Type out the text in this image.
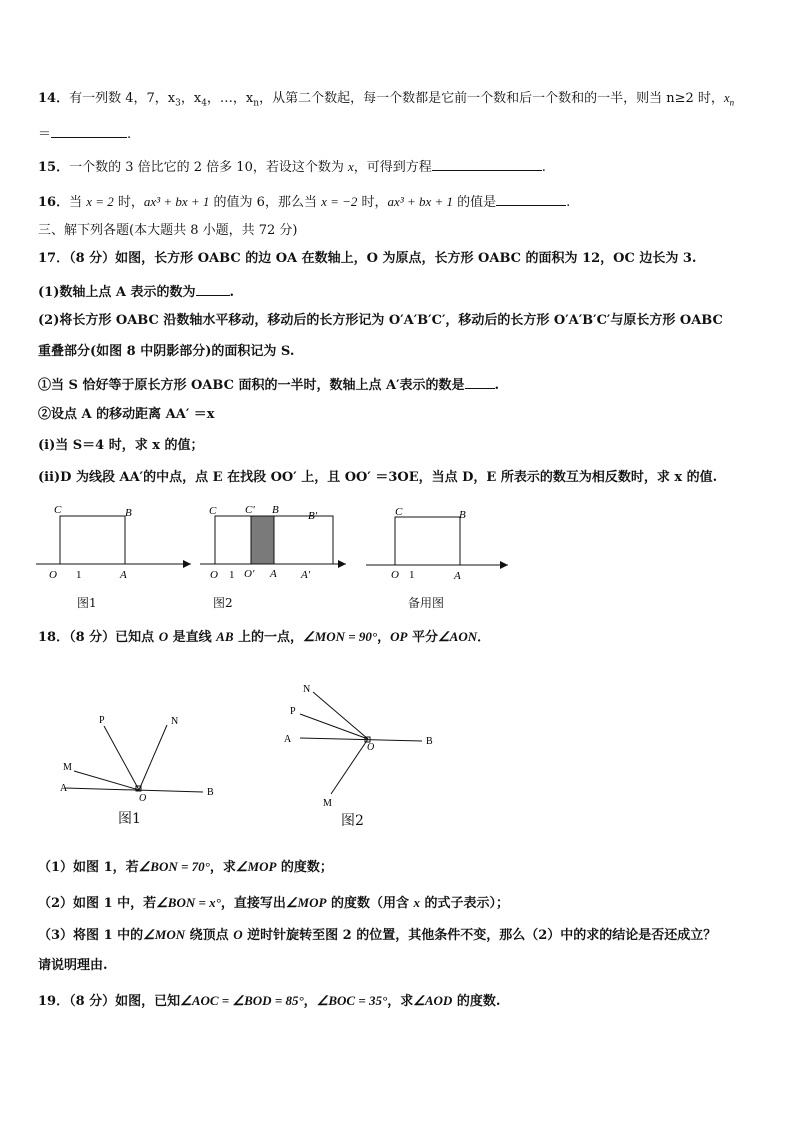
14．有一列数 4，7，$x_3$，$x_4$，…，$x_n$，从第二个数起，每一个数都是它前一个数和后一个数和的一半，则当 n≥2 时，$x_n$
＝	.
15．一个数的 3 倍比它的 2 倍多 10，若设这个数为 x，可得到方程	.
16．当 x = 2 时，ax³ + bx + 1 的值为 6，那么当 x = −2 时，ax³ + bx + 1 的值是	.
三、解下列各题(本大题共 8 小题，共 72 分)
17．（8 分）如图，长方形 OABC 的边 OA 在数轴上，O 为原点，长方形 OABC 的面积为 12，OC 边长为 3.
(1)数轴上点 A 表示的数为	.
(2)将长方形 OABC 沿数轴水平移动，移动后的长方形记为 O′A′B′C′，移动后的长方形 O′A′B′C′与原长方形 OABC
重叠部分(如图 8 中阴影部分)的面积记为 S.
①当 S 恰好等于原长方形 OABC 面积的一半时，数轴上点 A′表示的数是 .
②设点 A 的移动距离 AA′ ＝x
(ⅰ)当 S＝4 时，求 x 的值；
(ⅱ)D 为线段 AA′的中点，点 E 在找段 OO′ 上，且 OO′ ＝3OE，当点 D，E 所表示的数互为相反数时，求 x 的值.
C	B
O 1	A
图1
C	C′ B	B′
O 1 O′ A A′
图2
C	B
O 1	A
备用图
18．（8 分）已知点 O 是直线 AB 上的一点，∠MON = 90°，OP 平分∠AON．
P	N
M
A
O
B
图1
N
P
A
O
B
M
图2
（1）如图 1，若∠BON = 70°，求∠MOP 的度数；
（2）如图 1 中，若∠BON = x°，直接写出∠MOP 的度数（用含 x 的式子表示）；
（3）将图 1 中的∠MON 绕顶点 O 逆时针旋转至图 2 的位置，其他条件不变，那么（2）中的求的结论是否还成立？
请说明理由.
19．（8 分）如图，已知∠AOC = ∠BOD = 85°，∠BOC = 35°，求∠AOD 的度数.
